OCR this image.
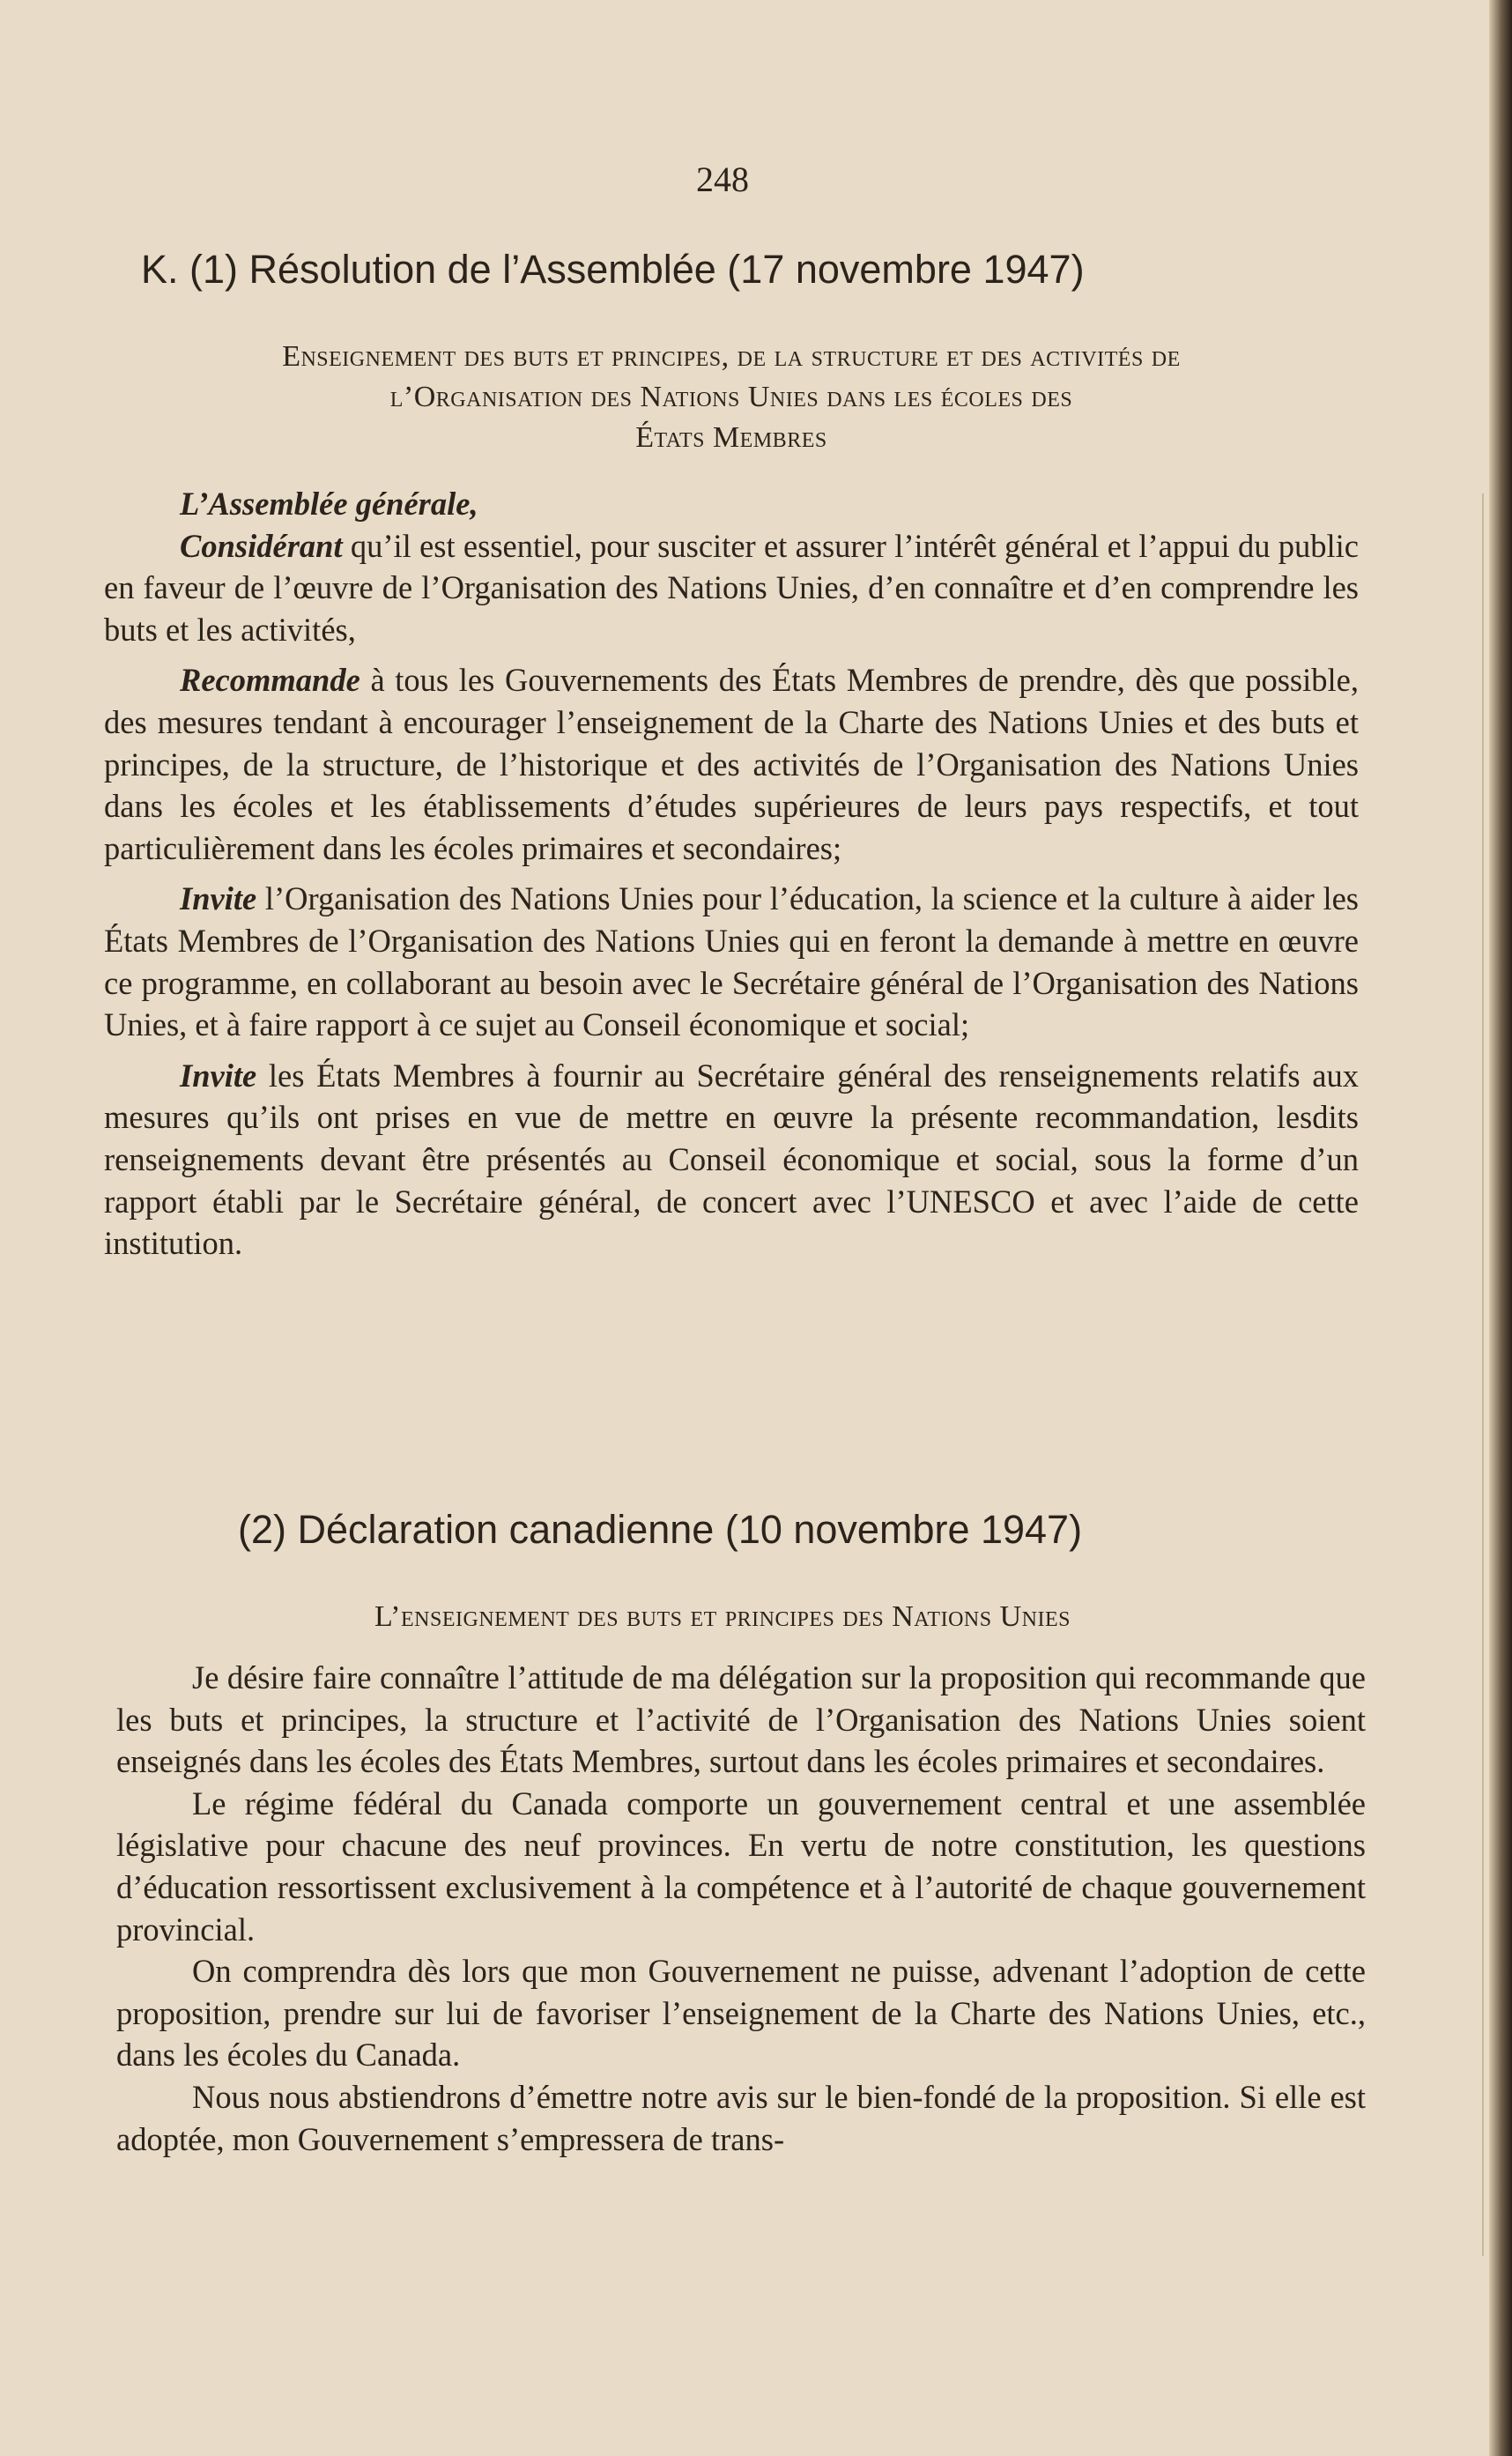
248
K. (1) Résolution de l’Assemblée (17 novembre 1947)
Enseignement des buts et principes, de la structure et des activités de
l’Organisation des Nations Unies dans les écoles des
États Membres

L’Assemblée générale,

Considérant qu’il est essentiel, pour susciter et assurer l’intérêt général et l’appui du public en faveur de l’œuvre de l’Organisation des Nations Unies, d’en connaître et d’en comprendre les buts et les activités,

Recommande à tous les Gouvernements des États Membres de prendre, dès que possible, des mesures tendant à encourager l’enseignement de la Charte des Nations Unies et des buts et principes, de la structure, de l’historique et des activités de l’Organisation des Nations Unies dans les écoles et les établissements d’études supérieures de leurs pays respectifs, et tout particulièrement dans les écoles primaires et secondaires;

Invite l’Organisation des Nations Unies pour l’éducation, la science et la culture à aider les États Membres de l’Organisation des Nations Unies qui en feront la demande à mettre en œuvre ce programme, en collaborant au besoin avec le Secrétaire général de l’Organisation des Nations Unies, et à faire rapport à ce sujet au Conseil économique et social;

Invite les États Membres à fournir au Secrétaire général des renseignements relatifs aux mesures qu’ils ont prises en vue de mettre en œuvre la présente recommandation, lesdits renseignements devant être présentés au Conseil économique et social, sous la forme d’un rapport établi par le Secrétaire général, de concert avec l’UNESCO et avec l’aide de cette institution.

(2) Déclaration canadienne (10 novembre 1947)
L’enseignement des buts et principes des Nations Unies

Je désire faire connaître l’attitude de ma délégation sur la proposition qui recommande que les buts et principes, la structure et l’activité de l’Organisation des Nations Unies soient enseignés dans les écoles des États Membres, surtout dans les écoles primaires et secondaires.

Le régime fédéral du Canada comporte un gouvernement central et une assemblée législative pour chacune des neuf provinces. En vertu de notre constitution, les questions d’éducation ressortissent exclusivement à la compétence et à l’autorité de chaque gouvernement provincial.

On comprendra dès lors que mon Gouvernement ne puisse, advenant l’adoption de cette proposition, prendre sur lui de favoriser l’enseignement de la Charte des Nations Unies, etc., dans les écoles du Canada.

Nous nous abstiendrons d’émettre notre avis sur le bien-fondé de la proposition. Si elle est adoptée, mon Gouvernement s’empressera de trans-
